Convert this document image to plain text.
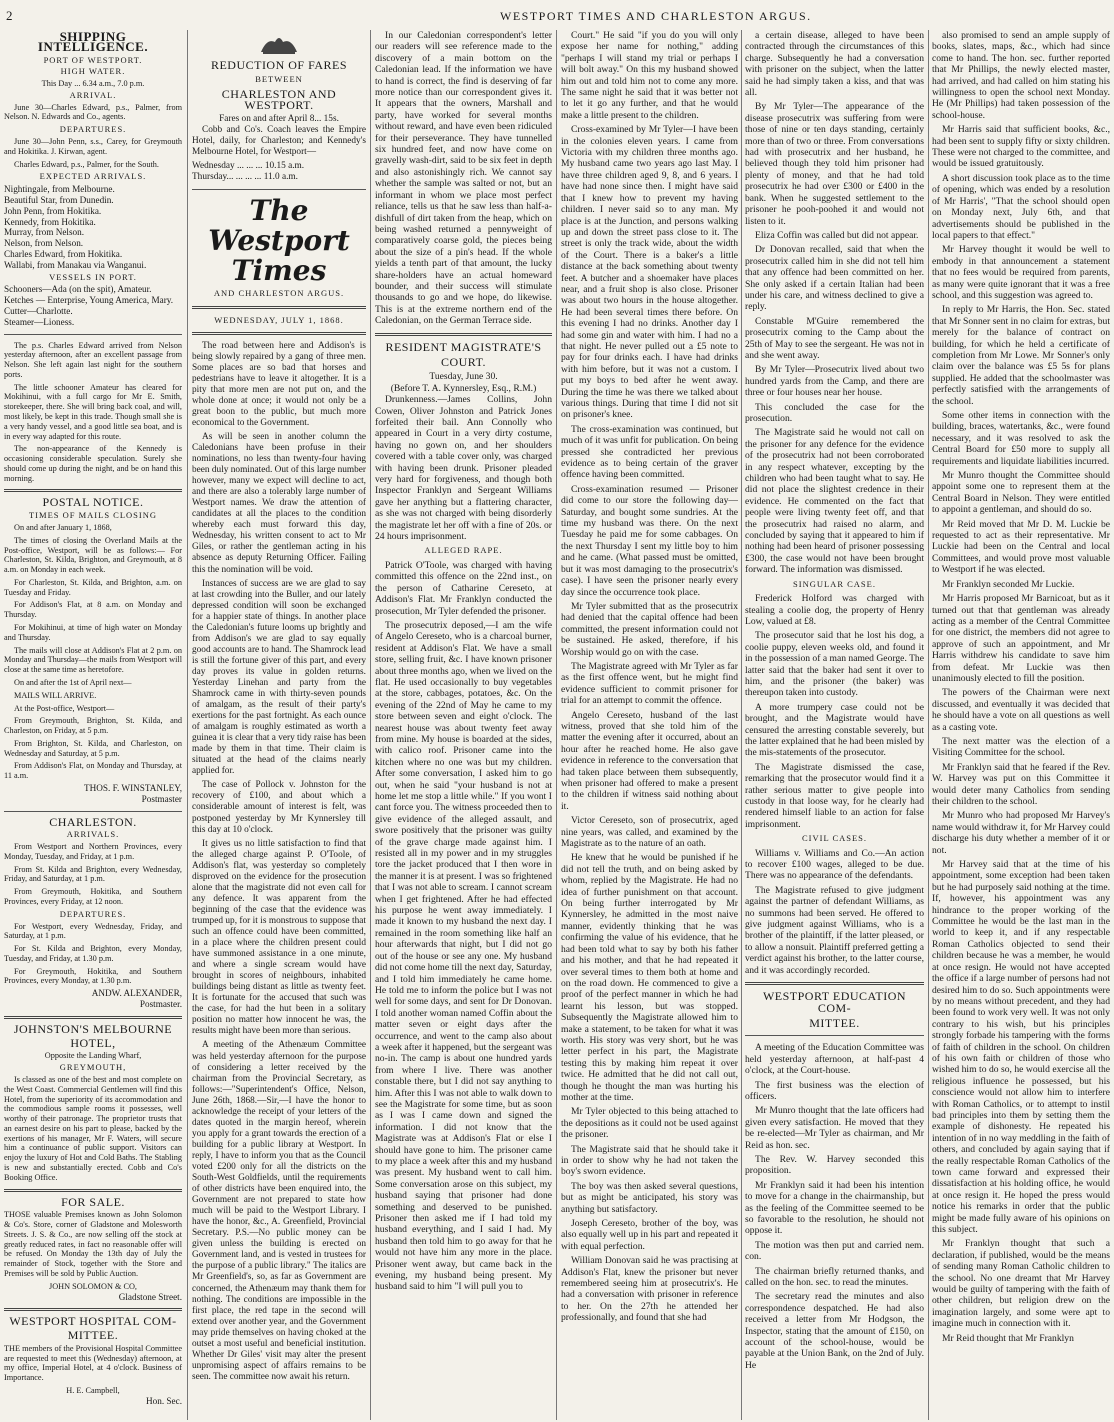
2	WESTPORT TIMES AND CHARLESTON ARGUS.
SHIPPING INTELLIGENCE.
PORT OF WESTPORT.
HIGH WATER.
This Day ... 6.34 a.m., 7.0 p.m.
ARRIVAL.

June 30—Charles Edward, p.s., Palmer, from Nelson. N. Edwards and Co., agents.

DEPARTURES.

June 30—John Penn, s.s., Carey, for Greymouth and Hokitika. J. Kirwan, agent.

Charles Edward, p.s., Palmer, for the South.

EXPECTED ARRIVALS.
Nightingale, from Melbourne.
Beautiful Star, from Dunedin.
John Penn, from Hokitika.
Kennedy, from Hokitika.
Murray, from Nelson.
Nelson, from Nelson.
Charles Edward, from Hokitika.
Wallabi, from Manakau via Wanganui.
VESSELS IN PORT.
Schooners—Ada (on the spit), Amateur.
Ketches — Enterprise, Young America, Mary.
Cutter—Charlotte.
Steamer—Lioness.

The p.s. Charles Edward arrived from Nelson yesterday afternoon, after an excellent passage from Nelson. She left again last night for the southern ports.

The little schooner Amateur has cleared for Mokihinui, with a full cargo for Mr E. Smith, storekeeper, there. She will bring back coal, and will, most likely, be kept in this trade. Though small she is a very handy vessel, and a good little sea boat, and is in every way adapted for this route.

The non-appearance of the Kennedy is occasioning considerable speculation. Surely she should come up during the night, and be on hand this morning.

POSTAL NOTICE.
TIMES OF MAILS CLOSING

On and after January 1, 1868,

The times of closing the Overland Mails at the Post-office, Westport, will be as follows:— For Charleston, St. Kilda, Brighton, and Greymouth, at 8 a.m. on Monday in each week.

For Charleston, St. Kilda, and Brighton, a.m. on Tuesday and Friday.

For Addison's Flat, at 8 a.m. on Monday and Thursday.

For Mokihinui, at time of high water on Monday and Thursday.

The mails will close at Addison's Flat at 2 p.m. on Monday and Thursday—the mails from Westport will close at the same time as heretofore.

On and after the 1st of April next—

MAILS WILL ARRIVE.

At the Post-office, Westport—

From Greymouth, Brighton, St. Kilda, and Charleston, on Friday, at 5 p.m.

From Brighton, St. Kilda, and Charleston, on Wednesday and Saturday, at 5 p.m.

From Addison's Flat, on Monday and Thursday, at 11 a.m.

THOS. F. WINSTANLEY,
Postmaster
CHARLESTON.
ARRIVALS.

From Westport and Northern Provinces, every Monday, Tuesday, and Friday, at 1 p.m.

From St. Kilda and Brighton, every Wednesday, Friday, and Saturday, at 1 p.m.

From Greymouth, Hokitika, and Southern Provinces, every Friday, at 12 noon.

DEPARTURES.

For Westport, every Wednesday, Friday, and Saturday, at 1 p.m.

For St. Kilda and Brighton, every Monday, Tuesday, and Friday, at 1.30 p.m.

For Greymouth, Hokitika, and Southern Provinces, every Monday, at 1.30 p.m.

ANDW. ALEXANDER,
Postmaster.
JOHNSTON'S MELBOURNE
HOTEL,
Opposite the Landing Wharf,
GREYMOUTH,

Is classed as one of the best and most complete on the West Coast. Commercial Gentlemen will find this Hotel, from the superiority of its accommodation and the commodious sample rooms it possesses, well worthy of their patronage. The proprietor trusts that an earnest desire on his part to please, backed by the exertions of his manager, Mr F. Waters, will secure him a continuance of public support. Visitors can enjoy the luxury of Hot and Cold Baths. The Stabling is new and substantially erected. Cobb and Co's Booking Office.

FOR SALE.

THOSE valuable Premises known as John Solomon & Co's. Store, corner of Gladstone and Molesworth Streets. J. S. & Co., are now selling off the stock at greatly reduced rates, in fact no reasonable offer will be refused. On Monday the 13th day of July the remainder of Stock, together with the Store and Premises will be sold by Public Auction.

JOHN SOLOMON & CO,
Gladstone Street.
WESTPORT HOSPITAL COM-
MITTEE.

THE members of the Provisional Hospital Committee are requested to meet this (Wednesday) afternoon, at my office, Imperial Hotel, at 4 o'clock. Business of Importance.

H. E. Campbell,
Hon. Sec.
REDUCTION OF FARES
BETWEEN
CHARLESTON AND WESTPORT.
Fares on and after April 8... 15s.

Cobb and Co's. Coach leaves the Empire Hotel, daily, for Charleston; and Kennedy's Melbourne Hotel, for Westport—

Wednesday ... ... ... 10.15 a.m.
Thursday... ... ... ... 11.0 a.m.
The Westport Times
AND CHARLESTON ARGUS.
WEDNESDAY, JULY 1, 1868.

The road between here and Addison's is being slowly repaired by a gang of three men. Some places are so bad that horses and pedestrians have to leave it altogether. It is a pity that more men are not put on, and the whole done at once; it would not only be a great boon to the public, but much more economical to the Government.

As will be seen in another column the Caledonians have been profuse in their nominations, no less than twenty-four having been duly nominated. Out of this large number however, many we expect will decline to act, and there are also a tolerably large number of Westport names. We draw the attention of candidates at all the places to the condition whereby each must forward this day, Wednesday, his written consent to act to Mr Giles, or rather the gentleman acting in his absence as deputy Returning Officer. Failing this the nomination will be void.

Instances of success are we are glad to say at last crowding into the Buller, and our lately depressed condition will soon be exchanged for a happier state of things. In another place the Caledonian's future looms up brightly and from Addison's we are glad to say equally good accounts are to hand. The Shamrock lead is still the fortune giver of this part, and every day proves its value in golden returns. Yesterday Linehan and party from the Shamrock came in with thirty-seven pounds of amalgam, as the result of their party's exertions for the past fortnight. As each ounce of amalgam is roughly estimated as worth a guinea it is clear that a very tidy raise has been made by them in that time. Their claim is situated at the head of the claims nearly applied for.

The case of Pollock v. Johnston for the recovery of £100, and about which a considerable amount of interest is felt, was postponed yesterday by Mr Kynnersley till this day at 10 o'clock.

It gives us no little satisfaction to find that the alleged charge against P. O'Toole, of Addison's flat, was yesterday so completely disproved on the evidence for the prosecution alone that the magistrate did not even call for any defence. It was apparent from the beginning of the case that the evidence was trumped up, for it is monstrous to suppose that such an offence could have been committed, in a place where the children present could have summoned assistance in a one minute, and where a single scream would have brought in scores of neighbours, inhabited buildings being distant as little as twenty feet. It is fortunate for the accused that such was the case, for had the hut been in a solitary position no matter how innocent he was, the results might have been more than serious.

A meeting of the Athenæum Committee was held yesterday afternoon for the purpose of considering a letter received by the chairman from the Provincial Secretary, as follows:—"Superintendent's Office, Nelson, June 26th, 1868.—Sir,—I have the honor to acknowledge the receipt of your letters of the dates quoted in the margin hereof, wherein you apply for a grant towards the erection of a building for a public library at Westport. In reply, I have to inform you that as the Council voted £200 only for all the districts on the South-West Goldfields, until the requirements of other districts have been enquired into, the Government are not prepared to state how much will be paid to the Westport Library. I have the honor, &c., A. Greenfield, Provincial Secretary. P.S.—No public money can be given unless the building is erected on Government land, and is vested in trustees for the purpose of a public library." The italics are Mr Greenfield's, so, as far as Government are concerned, the Athenæum may thank them for nothing. The conditions are impossible in the first place, the red tape in the second will extend over another year, and the Government may pride themselves on having choked at the outset a most useful and beneficial institution. Whether Dr Giles' visit may alter the present unpromising aspect of affairs remains to be seen. The committee now await his return.

In our Caledonian correspondent's letter our readers will see reference made to the discovery of a main bottom on the Caledonian lead. If the information we have to hand is correct, the find is deserving of far more notice than our correspondent gives it. It appears that the owners, Marshall and party, have worked for several months without reward, and have even been ridiculed for their perseverance. They have tunnelled six hundred feet, and now have come on gravelly wash-dirt, said to be six feet in depth and also astonishingly rich. We cannot say whether the sample was salted or not, but an informant in whom we place most perfect reliance, tells us that he saw less than half-a-dishfull of dirt taken from the heap, which on being washed returned a pennyweight of comparatively coarse gold, the pieces being about the size of a pin's head. If the whole yields a tenth part of that amount, the lucky share-holders have an actual homeward bounder, and their success will stimulate thousands to go and we hope, do likewise. This is at the extreme northern end of the Caledonian, on the German Terrace side.

RESIDENT MAGISTRATE'S
COURT.
Tuesday, June 30.
(Before T. A. Kynnersley, Esq., R.M.)

Drunkenness.—James Collins, John Cowen, Oliver Johnston and Patrick Jones forfeited their bail. Ann Connolly who appeared in Court in a very dirty costume, having no gown on, and her shoulders covered with a table cover only, was charged with having been drunk. Prisoner pleaded very hard for forgiveness, and though both Inspector Franklyn and Sergeant Williams gave her anything but a flattering character, as she was not charged with being disorderly the magistrate let her off with a fine of 20s. or 24 hours imprisonment.

ALLEGED RAPE.

Patrick O'Toole, was charged with having committed this offence on the 22nd inst., on the person of Catharine Cereseto, at Addison's Flat. Mr Franklyn conducted the prosecution, Mr Tyler defended the prisoner.

The prosecutrix deposed,—I am the wife of Angelo Cereseto, who is a charcoal burner, resident at Addison's Flat. We have a small store, selling fruit, &c. I have known prisoner about three months ago, when we lived on the flat. He used occasionally to buy vegetables at the store, cabbages, potatoes, &c. On the evening of the 22nd of May he came to my store between seven and eight o'clock. The nearest house was about twenty feet away from mine. My house is boarded at the sides, with calico roof. Prisoner came into the kitchen where no one was but my children. After some conversation, I asked him to go out, when he said "your husband is not at home let me stop a little while." If you wont I cant force you. The witness proceeded then to give evidence of the alleged assault, and swore positively that the prisoner was guilty of the grave charge made against him. I resisted all in my power and in my struggles tore the jacket produced that I then wore in the manner it is at present. I was so frightened that I was not able to scream. I cannot scream when I get frightened. After he had effected his purpose he went away immediately. I made it known to my husband the next day. I remained in the room something like half an hour afterwards that night, but I did not go out of the house or see any one. My husband did not come home till the next day, Saturday, and I told him immediately he came home. He told me to inform the police but I was not well for some days, and sent for Dr Donovan. I told another woman named Coffin about the matter seven or eight days after the occurrence, and went to the camp also about a week after it happened, but the sergeant was no-in. The camp is about one hundred yards from where I live. There was another constable there, but I did not say anything to him. After this I was not able to walk down to see the Magistrate for some time, but as soon as I was I came down and signed the information. I did not know that the Magistrate was at Addison's Flat or else I should have gone to him. The prisoner came to my place a week after this and my husband was present. My husband went to call him. Some conversation arose on this subject, my husband saying that prisoner had done something and deserved to be punished. Prisoner then asked me if I had told my husband everything, and I said I had. My husband then told him to go away for that he would not have him any more in the place. Prisoner went away, but came back in the evening, my husband being present. My husband said to him "I will pull you to

Court." He said "if you do you will only expose her name for nothing," adding "perhaps I will stand my trial or perhaps I will bolt away." On this my husband showed him out and told him not to come any more. The same night he said that it was better not to let it go any further, and that he would make a little present to the children.

Cross-examined by Mr Tyler—I have been in the colonies eleven years. I came from Victoria with my children three months ago. My husband came two years ago last May. I have three children aged 9, 8, and 6 years. I have had none since then. I might have said that I knew how to prevent my having children. I never said so to any man. My place is at the Junction, and persons walking up and down the street pass close to it. The street is only the track wide, about the width of the Court. There is a baker's a little distance at the back something about twenty feet. A butcher and a shoemaker have places near, and a fruit shop is also close. Prisoner was about two hours in the house altogether. He had been several times there before. On this evening I had no drinks. Another day I had some gin and water with him. I had no a that night. He never pulled out a £5 note to pay for four drinks each. I have had drinks with him before, but it was not a custom. I put my boys to bed after he went away. During the time he was there we talked about various things. During that time I did not sit on prisoner's knee.

The cross-examination was continued, but much of it was unfit for publication. On being pressed she contradicted her previous evidence as to being certain of the graver offence having been committed.

Cross-examination resumed — Prisoner did come to our store the following day—Saturday, and bought some sundries. At the time my husband was there. On the next Tuesday he paid me for some cabbages. On the next Thursday I sent my little boy to him and he came. (What passed must be omitted, but it was most damaging to the prosecutrix's case). I have seen the prisoner nearly every day since the occurrence took place.

Mr Tyler submitted that as the prosecutrix had denied that the capital offence had been committed, the present information could not be sustained. He asked, therefore, if his Worship would go on with the case.

The Magistrate agreed with Mr Tyler as far as the first offence went, but he might find evidence sufficient to commit prisoner for trial for an attempt to commit the offence.

Angelo Cereseto, husband of the last witness, proved that she told him of the matter the evening after it occurred, about an hour after he reached home. He also gave evidence in reference to the conversation that had taken place between them subsequently, when prisoner had offered to make a present to the children if witness said nothing about it.

Victor Cereseto, son of prosecutrix, aged nine years, was called, and examined by the Magistrate as to the nature of an oath.

He knew that he would be punished if he did not tell the truth, and on being asked by whom, replied by the Magistrate. He had no idea of further punishment on that account. On being further interrogated by Mr Kynnersley, he admitted in the most naive manner, evidently thinking that he was confirming the value of his evidence, that he had been told what to say by both his father and his mother, and that he had repeated it over several times to them both at home and on the road down. He commenced to give a proof of the perfect manner in which he had learnt his lesson, but was stopped. Subsequently the Magistrate allowed him to make a statement, to be taken for what it was worth. His story was very short, but he was letter perfect in his part, the Magistrate testing this by making him repeat it over twice. He admitted that he did not call out, though he thought the man was hurting his mother at the time.

Mr Tyler objected to this being attached to the depositions as it could not be used against the prisoner.

The Magistrate said that he should take it in order to show why he had not taken the boy's sworn evidence.

The boy was then asked several questions, but as might be anticipated, his story was anything but satisfactory.

Joseph Cereseto, brother of the boy, was also equally well up in his part and repeated it with equal perfection.

William Donovan said he was practising at Addison's Flat, knew the prisoner but never remembered seeing him at prosecutrix's. He had a conversation with prisoner in reference to her. On the 27th he attended her professionally, and found that she had

a certain disease, alleged to have been contracted through the circumstances of this charge. Subsequently he had a conversation with prisoner on the subject, when the latter said he had simply taken a kiss, and that was all.

By Mr Tyler—The appearance of the disease prosecutrix was suffering from were those of nine or ten days standing, certainly more than of two or three. From conversations had with prosecutrix and her husband, he believed though they told him prisoner had plenty of money, and that he had told prosecutrix he had over £300 or £400 in the bank. When he suggested settlement to the prisoner he pooh-poohed it and would not listen to it.

Eliza Coffin was called but did not appear.

Dr Donovan recalled, said that when the prosecutrix called him in she did not tell him that any offence had been committed on her. She only asked if a certain Italian had been under his care, and witness declined to give a reply.

Constable M'Guire remembered the prosecutrix coming to the Camp about the 25th of May to see the sergeant. He was not in and she went away.

By Mr Tyler—Prosecutrix lived about two hundred yards from the Camp, and there are three or four houses near her house.

This concluded the case for the prosecution.

The Magistrate said he would not call on the prisoner for any defence for the evidence of the prosecutrix had not been corroborated in any respect whatever, excepting by the children who had been taught what to say. He did not place the slightest credence in their evidence. He commented on the fact that people were living twenty feet off, and that the prosecutrix had raised no alarm, and concluded by saying that it appeared to him if nothing had been heard of prisoner possessing £300, the case would not have been brought forward. The information was dismissed.

SINGULAR CASE.

Frederick Holford was charged with stealing a coolie dog, the property of Henry Low, valued at £8.

The prosecutor said that he lost his dog, a coolie puppy, eleven weeks old, and found it in the possession of a man named George. The latter said that the baker had sent it over to him, and the prisoner (the baker) was thereupon taken into custody.

A more trumpery case could not be brought, and the Magistrate would have censured the arresting constable severely, but the latter explained that he had been misled by the mis-statements of the prosecutor.

The Magistrate dismissed the case, remarking that the prosecutor would find it a rather serious matter to give people into custody in that loose way, for he clearly had rendered himself liable to an action for false imprisonment.

CIVIL CASES.

Williams v. Williams and Co.—An action to recover £100 wages, alleged to be due. There was no appearance of the defendants.

The Magistrate refused to give judgment against the partner of defendant Williams, as no summons had been served. He offered to give judgment against Williams, who is a brother of the plaintiff, if the latter pleased, or to allow a nonsuit. Plaintiff preferred getting a verdict against his brother, to the latter course, and it was accordingly recorded.

WESTPORT EDUCATION COM-
MITTEE.

A meeting of the Education Committee was held yesterday afternoon, at half-past 4 o'clock, at the Court-house.

The first business was the election of officers.

Mr Munro thought that the late officers had given every satisfaction. He moved that they be re-elected—Mr Tyler as chairman, and Mr Reid as hon. sec.

The Rev. W. Harvey seconded this proposition.

Mr Franklyn said it had been his intention to move for a change in the chairmanship, but as the feeling of the Committee seemed to be so favorable to the resolution, he should not oppose it.

The motion was then put and carried nem. con.

The chairman briefly returned thanks, and called on the hon. sec. to read the minutes.

The secretary read the minutes and also correspondence despatched. He had also received a letter from Mr Hodgson, the Inspector, stating that the amount of £150, on account of the school-house, would be payable at the Union Bank, on the 2nd of July. He

also promised to send an ample supply of books, slates, maps, &c., which had since come to hand. The hon. sec. further reported that Mr Phillips, the newly elected master, had arrived, and had called on him stating his willingness to open the school next Monday. He (Mr Phillips) had taken possession of the school-house.

Mr Harris said that sufficient books, &c., had been sent to supply fifty or sixty children. These were not charged to the committee, and would be issued gratuitously.

A short discussion took place as to the time of opening, which was ended by a resolution of Mr Harris', "That the school should open on Monday next, July 6th, and that advertisements should be published in the local papers to that effect."

Mr Harvey thought it would be well to embody in that announcement a statement that no fees would be required from parents, as many were quite ignorant that it was a free school, and this suggestion was agreed to.

In reply to Mr Harris, the Hon. Sec. stated that Mr Sonner sent in no claim for extras, but merely for the balance of contract on building, for which he held a certificate of completion from Mr Lowe. Mr Sonner's only claim over the balance was £5 5s for plans supplied. He added that the schoolmaster was perfectly satisfied with the arrangements of the school.

Some other items in connection with the building, braces, watertanks, &c., were found necessary, and it was resolved to ask the Central Board for £50 more to supply all requirements and liquidate liabilities incurred.

Mr Munro thought the Committee should appoint some one to represent them at the Central Board in Nelson. They were entitled to appoint a gentleman, and should do so.

Mr Reid moved that Mr D. M. Luckie be requested to act as their representative. Mr Luckie had been on the Central and local Committees, and would prove most valuable to Westport if he was elected.

Mr Franklyn seconded Mr Luckie.

Mr Harris proposed Mr Barnicoat, but as it turned out that that gentleman was already acting as a member of the Central Committee for one district, the members did not agree to approve of such an appointment, and Mr Harris withdrew his candidate to save him from defeat. Mr Luckie was then unanimously elected to fill the position.

The powers of the Chairman were next discussed, and eventually it was decided that he should have a vote on all questions as well as a casting vote.

The next matter was the election of a Visiting Committee for the school.

Mr Franklyn said that he feared if the Rev. W. Harvey was put on this Committee it would deter many Catholics from sending their children to the school.

Mr Munro who had proposed Mr Harvey's name would withdraw it, for Mr Harvey could discharge his duty whether a member of it or not.

Mr Harvey said that at the time of his appointment, some exception had been taken but he had purposely said nothing at the time. If, however, his appointment was any hindrance to the proper working of the Committee he would be the last man in the world to keep it, and if any respectable Roman Catholics objected to send their children because he was a member, he would at once resign. He would not have accepted the office if a large number of persons had not desired him to do so. Such appointments were by no means without precedent, and they had been found to work very well. It was not only contrary to his wish, but his principles strongly forbade his tampering with the forms of faith of children in the school. On children of his own faith or children of those who wished him to do so, he would exercise all the religious influence he possessed, but his conscience would not allow him to interfere with Roman Catholics, or to attempt to instil bad principles into them by setting them the example of dishonesty. He repeated his intention of in no way meddling in the faith of others, and concluded by again saying that if the really respectable Roman Catholics of the town came forward and expressed their dissatisfaction at his holding office, he would at once resign it. He hoped the press would notice his remarks in order that the public might be made fully aware of his opinions on this subject.

Mr Franklyn thought that such a declaration, if published, would be the means of sending many Roman Catholic children to the school. No one dreamt that Mr Harvey would be guilty of tampering with the faith of other children, but religion drew on the imagination largely, and some were apt to imagine much in connection with it.

Mr Reid thought that Mr Franklyn
